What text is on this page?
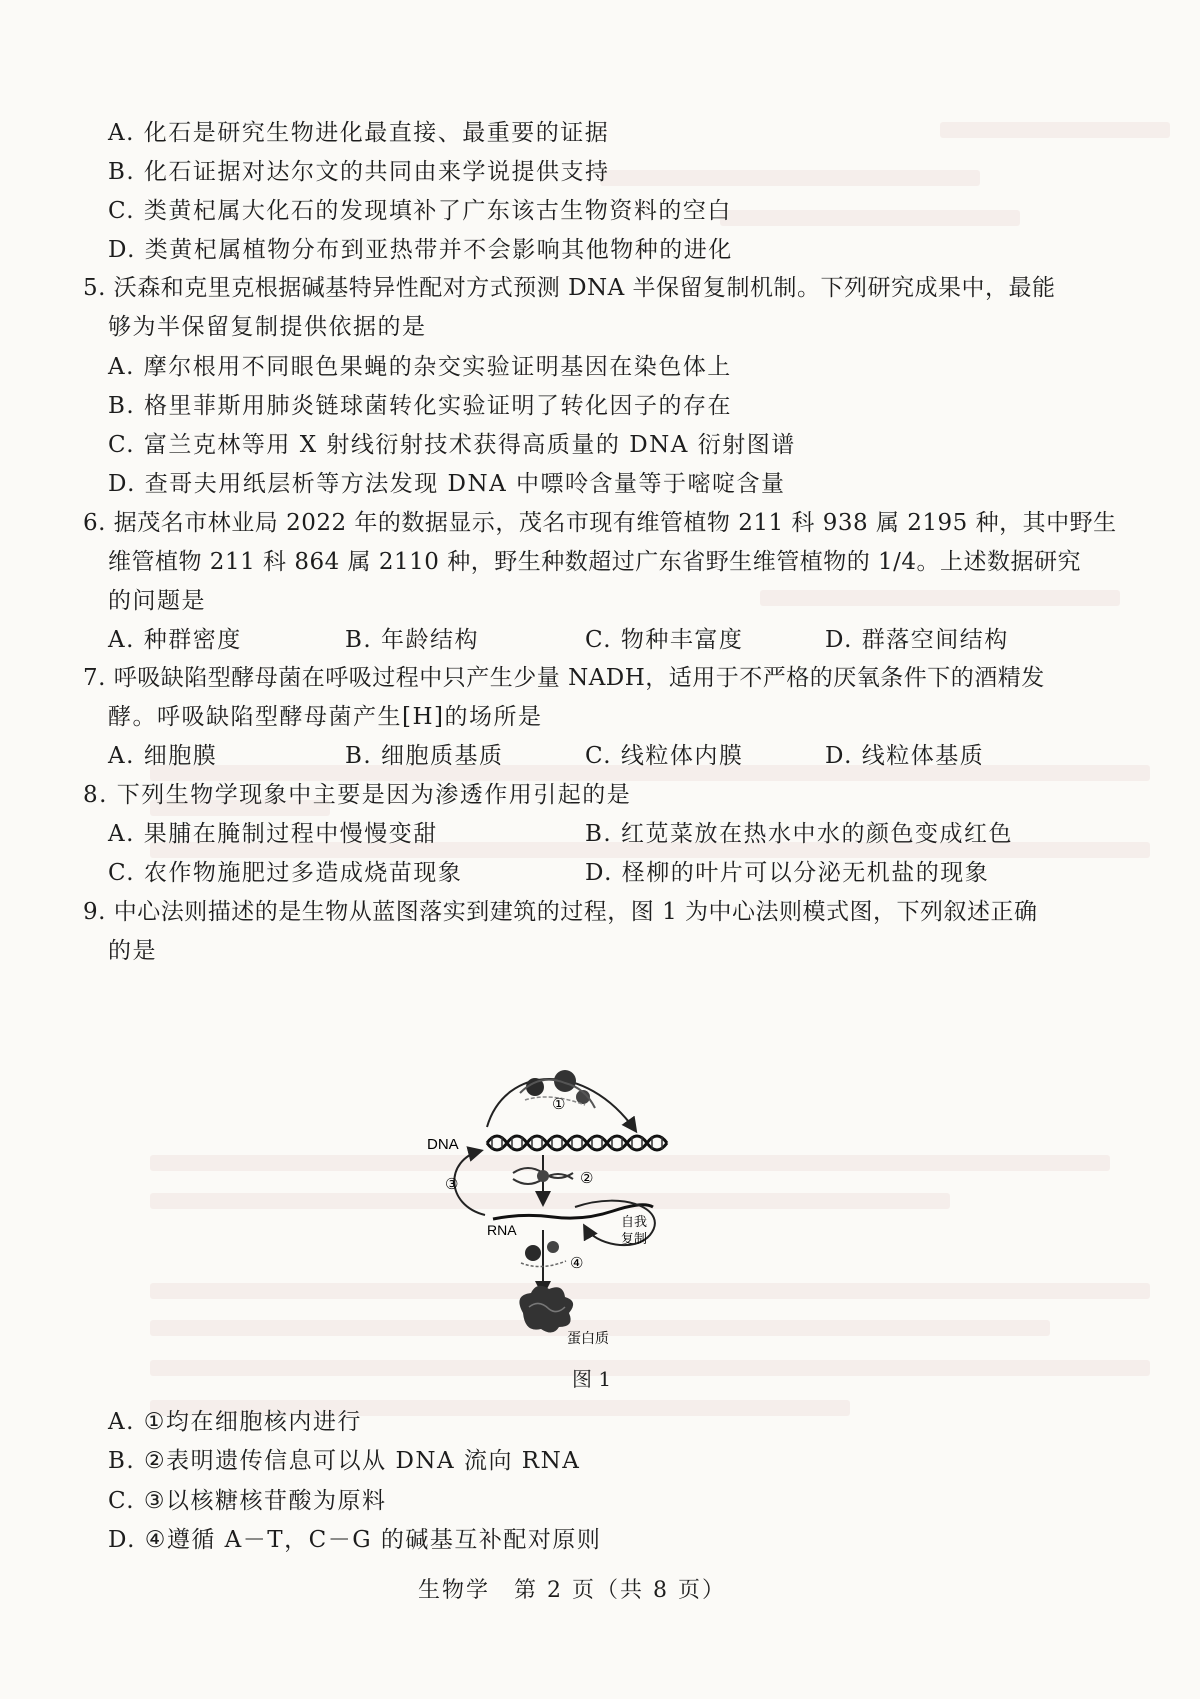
A. 化石是研究生物进化最直接、最重要的证据
B. 化石证据对达尔文的共同由来学说提供支持
C. 类黄杞属大化石的发现填补了广东该古生物资料的空白
D. 类黄杞属植物分布到亚热带并不会影响其他物种的进化
5. 沃森和克里克根据碱基特异性配对方式预测 DNA 半保留复制机制。下列研究成果中，最能
够为半保留复制提供依据的是
A. 摩尔根用不同眼色果蝇的杂交实验证明基因在染色体上
B. 格里菲斯用肺炎链球菌转化实验证明了转化因子的存在
C. 富兰克林等用 X 射线衍射技术获得高质量的 DNA 衍射图谱
D. 查哥夫用纸层析等方法发现 DNA 中嘌呤含量等于嘧啶含量
6. 据茂名市林业局 2022 年的数据显示，茂名市现有维管植物 211 科 938 属 2195 种，其中野生
维管植物 211 科 864 属 2110 种，野生种数超过广东省野生维管植物的 1/4。上述数据研究
的问题是
A. 种群密度	B. 年龄结构	C. 物种丰富度	D. 群落空间结构
7. 呼吸缺陷型酵母菌在呼吸过程中只产生少量 NADH，适用于不严格的厌氧条件下的酒精发
酵。呼吸缺陷型酵母菌产生[H]的场所是
A. 细胞膜	B. 细胞质基质	C. 线粒体内膜	D. 线粒体基质
8. 下列生物学现象中主要是因为渗透作用引起的是
A. 果脯在腌制过程中慢慢变甜	B. 红苋菜放在热水中水的颜色变成红色
C. 农作物施肥过多造成烧苗现象	D. 柽柳的叶片可以分泌无机盐的现象
9. 中心法则描述的是生物从蓝图落实到建筑的过程，图 1 为中心法则模式图，下列叙述正确
的是
①
DNA
②
③
RNA	自我
复制
④
蛋白质
图 1
A. ①均在细胞核内进行
B. ②表明遗传信息可以从 DNA 流向 RNA
C. ③以核糖核苷酸为原料
D. ④遵循 A－T，C－G 的碱基互补配对原则
生物学　第 2 页（共 8 页）
